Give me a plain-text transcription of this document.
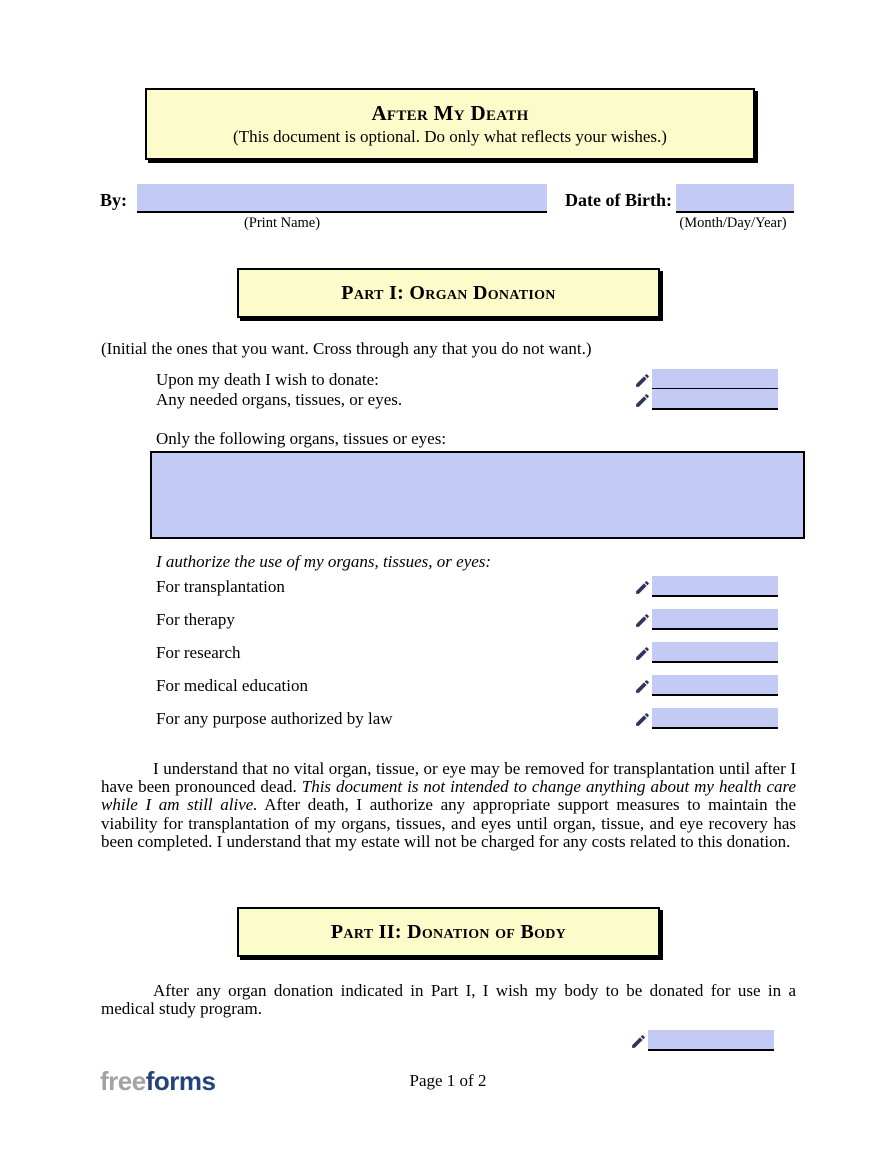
After My Death
(This document is optional. Do only what reflects your wishes.)
By:
(Print Name)
Date of Birth:
(Month/Day/Year)
Part I: Organ Donation
(Initial the ones that you want. Cross through any that you do not want.)
Upon my death I wish to donate:
Any needed organs, tissues, or eyes.
Only the following organs, tissues or eyes:
I authorize the use of my organs, tissues, or eyes:
For transplantation
For therapy
For research
For medical education
For any purpose authorized by law

I understand that no vital organ, tissue, or eye may be removed for transplantation until after I have been pronounced dead. This document is not intended to change anything about my health care while I am still alive. After death, I authorize any appropriate support measures to maintain the viability for transplantation of my organs, tissues, and eyes until organ, tissue, and eye recovery has been completed. I understand that my estate will not be charged for any costs related to this donation.

Part II: Donation of Body

After any organ donation indicated in Part I, I wish my body to be donated for use in a medical study program.

freeforms	Page 1 of 2
